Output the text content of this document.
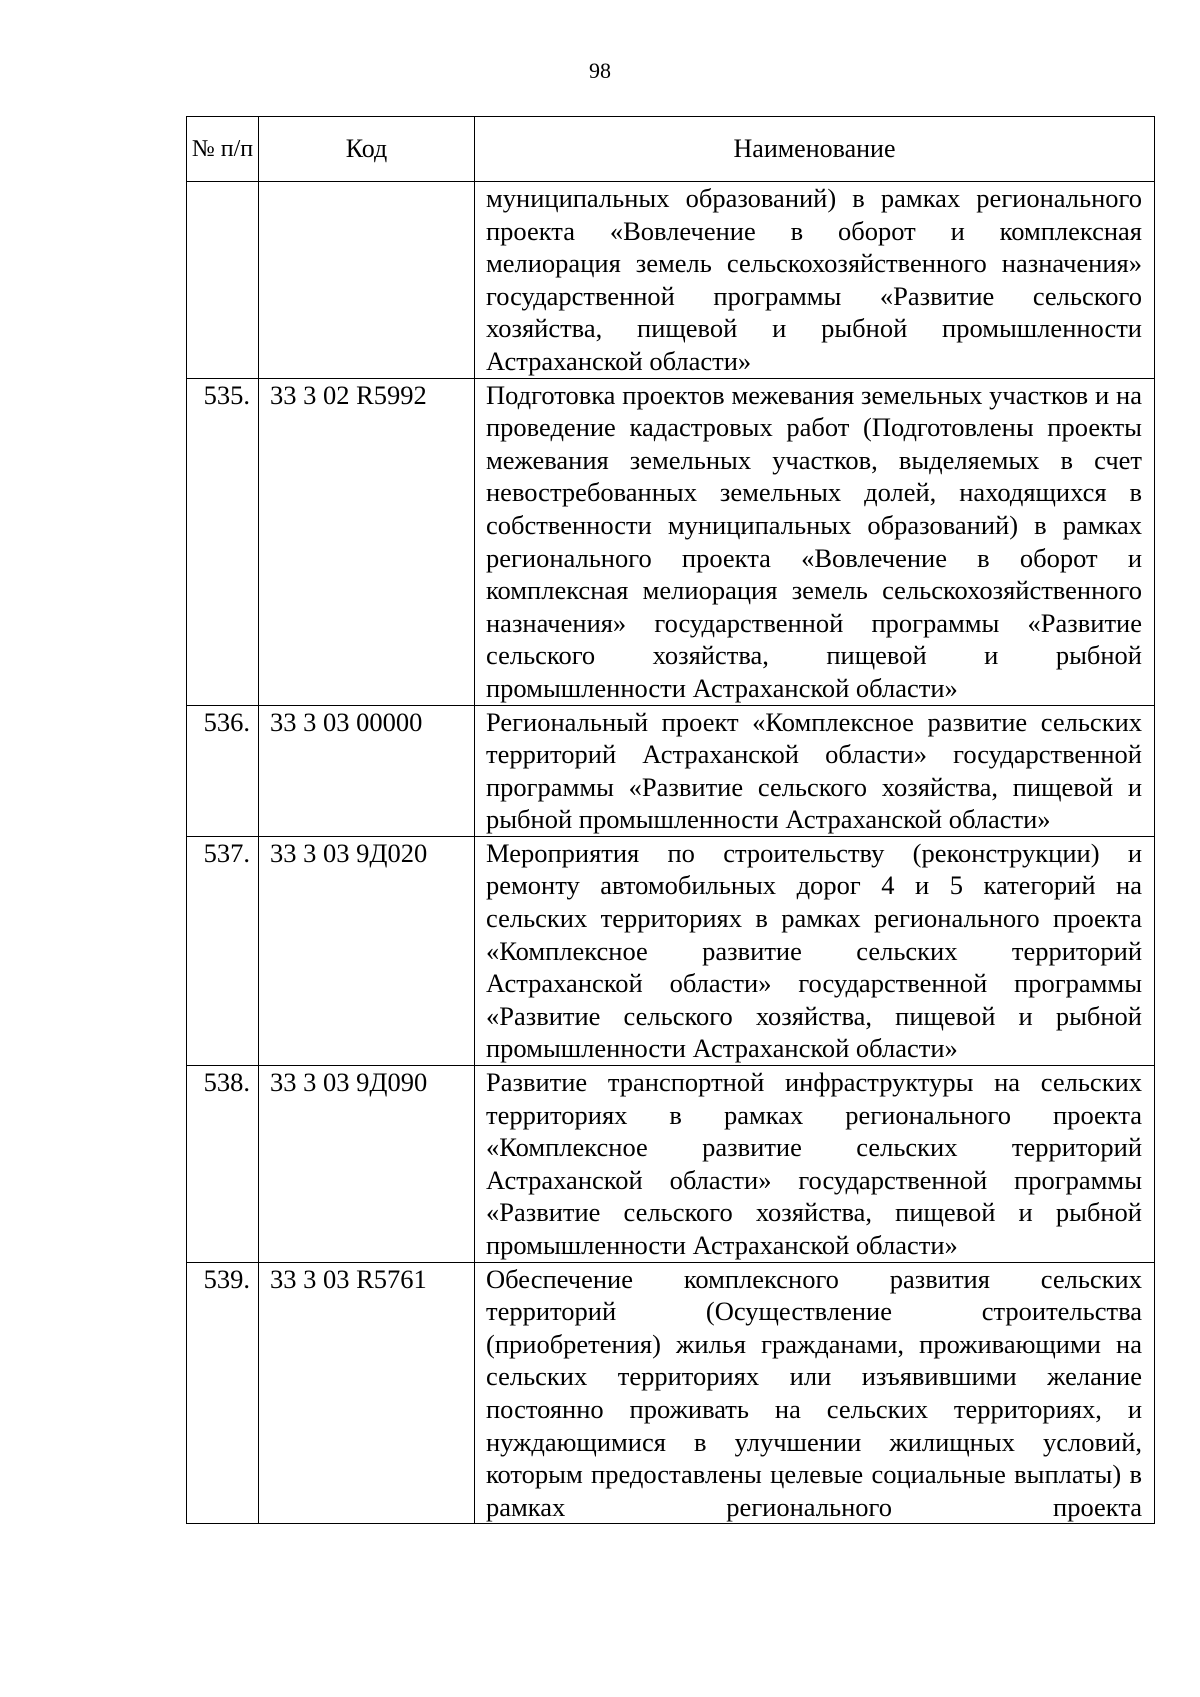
98
№ п/п	Код	Наименование
		муниципальных образований) в рамках регионального проекта «Вовлечение в оборот и комплексная мелиорация земель сельскохозяйственного назначения» государственной программы «Развитие сельского хозяйства, пищевой и рыбной промышленности Астраханской области»
535.	33 3 02 R5992	Подготовка проектов межевания земельных участков и на проведение кадастровых работ (Подготовлены проекты межевания земельных участков, выделяемых в счет невостребованных земельных долей, находящихся в собственности муниципальных образований) в рамках регионального проекта «Вовлечение в оборот и комплексная мелиорация земель сельскохозяйственного назначения» государственной программы «Развитие сельского хозяйства, пищевой и рыбной промышленности Астраханской области»
536.	33 3 03 00000	Региональный проект «Комплексное развитие сельских территорий Астраханской области» государственной программы «Развитие сельского хозяйства, пищевой и рыбной промышленности Астраханской области»
537.	33 3 03 9Д020	Мероприятия по строительству (реконструкции) и ремонту автомобильных дорог 4 и 5 категорий на сельских территориях в рамках регионального проекта «Комплексное развитие сельских территорий Астраханской области» государственной программы «Развитие сельского хозяйства, пищевой и рыбной промышленности Астраханской области»
538.	33 3 03 9Д090	Развитие транспортной инфраструктуры на сельских территориях в рамках регионального проекта «Комплексное развитие сельских территорий Астраханской области» государственной программы «Развитие сельского хозяйства, пищевой и рыбной промышленности Астраханской области»
539.	33 3 03 R5761	Обеспечение комплексного развития сельских территорий (Осуществление строительства (приобретения) жилья гражданами, проживающими на сельских территориях или изъявившими желание постоянно проживать на сельских территориях, и нуждающимися в улучшении жилищных условий, которым предоставлены целевые социальные выплаты) в рамках регионального проекта
